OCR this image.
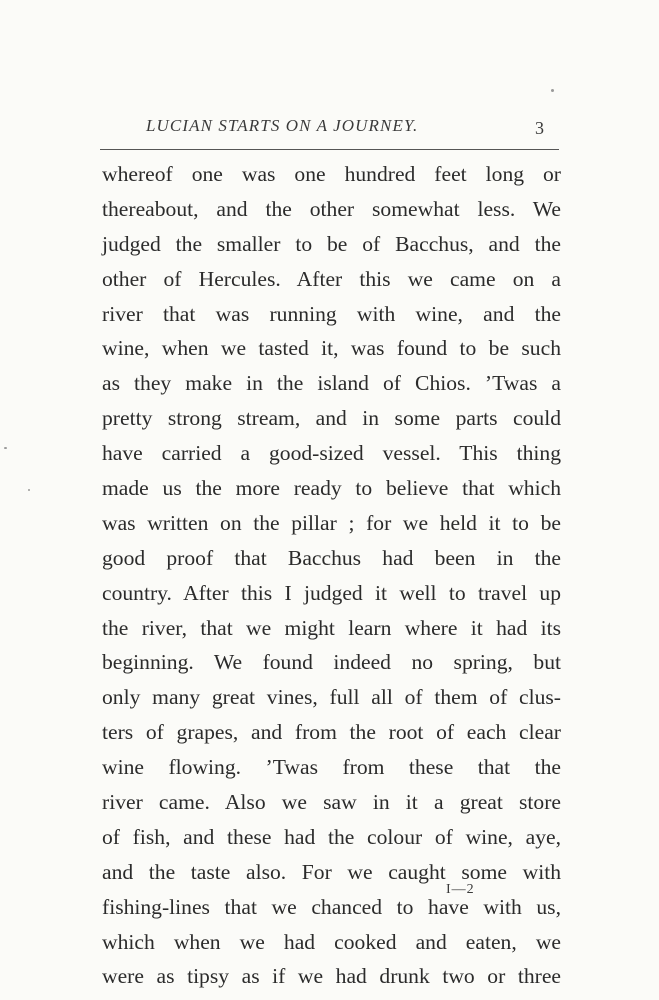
LUCIAN STARTS ON A JOURNEY.	3
whereof one was one hundred feet long or
thereabout, and the other somewhat less. We
judged the smaller to be of Bacchus, and the
other of Hercules. After this we came on a
river that was running with wine, and the
wine, when we tasted it, was found to be such
as they make in the island of Chios. ’Twas a
pretty strong stream, and in some parts could
have carried a good-sized vessel. This thing
made us the more ready to believe that which
was written on the pillar ; for we held it to be
good proof that Bacchus had been in the
country. After this I judged it well to travel up
the river, that we might learn where it had its
beginning. We found indeed no spring, but
only many great vines, full all of them of clus-
ters of grapes, and from the root of each clear
wine flowing. ’Twas from these that the
river came. Also we saw in it a great store
of fish, and these had the colour of wine, aye,
and the taste also. For we caught some with
fishing-lines that we chanced to have with us,
which when we had cooked and eaten, we
were as tipsy as if we had drunk two or three
I—2
